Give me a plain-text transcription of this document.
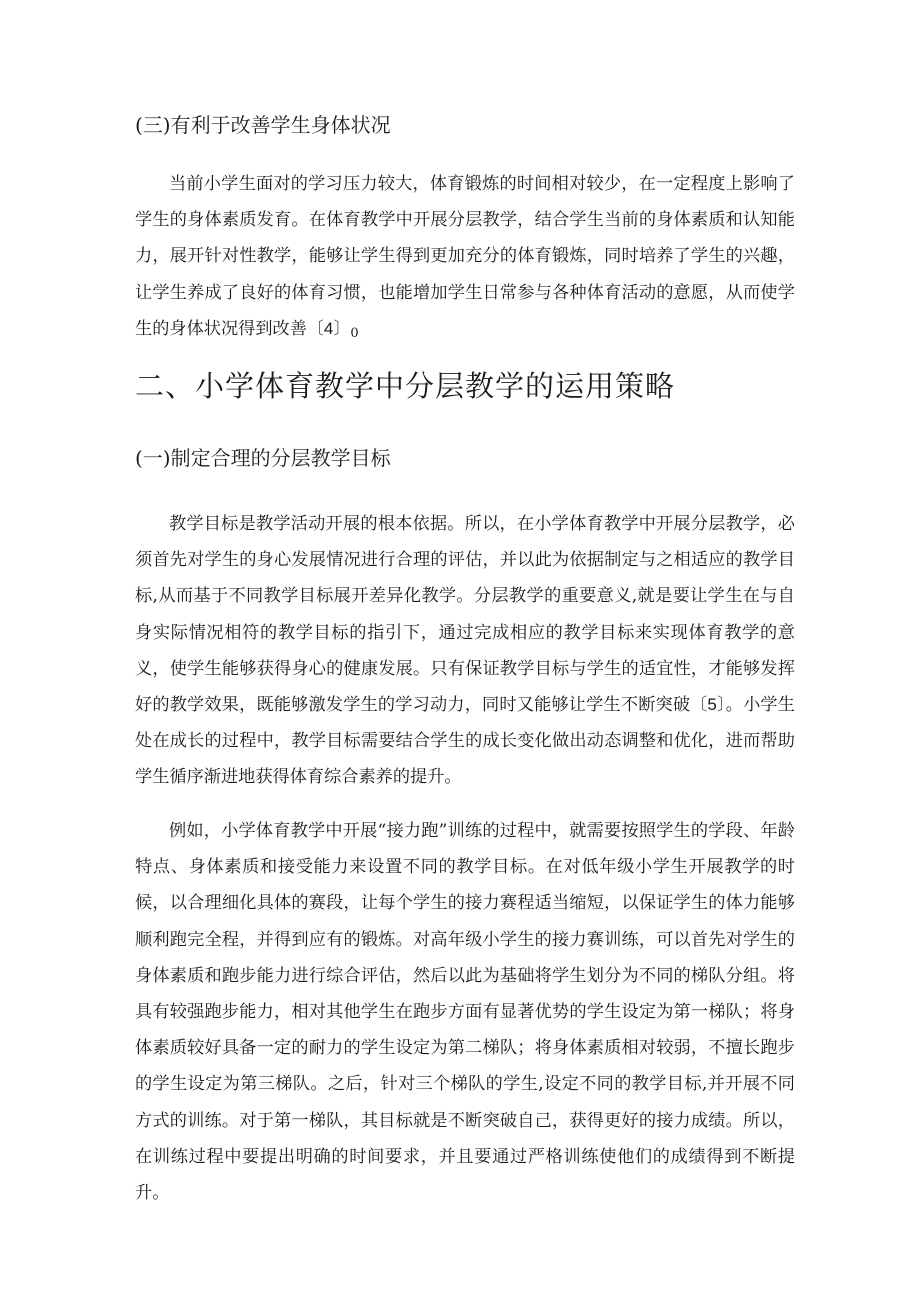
(三)有利于改善学生身体状况

当前小学生面对的学习压力较大，体育锻炼的时间相对较少，在一定程度上影响了学生的身体素质发育。在体育教学中开展分层教学，结合学生当前的身体素质和认知能力，展开针对性教学，能够让学生得到更加充分的体育锻炼，同时培养了学生的兴趣，让学生养成了良好的体育习惯，也能增加学生日常参与各种体育活动的意愿，从而使学生的身体状况得到改善〔4〕0

二、小学体育教学中分层教学的运用策略
(一)制定合理的分层教学目标

教学目标是教学活动开展的根本依据。所以，在小学体育教学中开展分层教学，必须首先对学生的身心发展情况进行合理的评估，并以此为依据制定与之相适应的教学目标,从而基于不同教学目标展开差异化教学。分层教学的重要意义,就是要让学生在与自身实际情况相符的教学目标的指引下，通过完成相应的教学目标来实现体育教学的意义，使学生能够获得身心的健康发展。只有保证教学目标与学生的适宜性，才能够发挥好的教学效果，既能够激发学生的学习动力，同时又能够让学生不断突破〔5〕。小学生处在成长的过程中，教学目标需要结合学生的成长变化做出动态调整和优化，进而帮助学生循序渐进地获得体育综合素养的提升。

例如，小学体育教学中开展“接力跑”训练的过程中，就需要按照学生的学段、年龄特点、身体素质和接受能力来设置不同的教学目标。在对低年级小学生开展教学的时候，以合理细化具体的赛段，让每个学生的接力赛程适当缩短，以保证学生的体力能够顺利跑完全程，并得到应有的锻炼。对高年级小学生的接力赛训练，可以首先对学生的身体素质和跑步能力进行综合评估，然后以此为基础将学生划分为不同的梯队分组。将具有较强跑步能力，相对其他学生在跑步方面有显著优势的学生设定为第一梯队；将身体素质较好具备一定的耐力的学生设定为第二梯队；将身体素质相对较弱，不擅长跑步的学生设定为第三梯队。之后，针对三个梯队的学生,设定不同的教学目标,并开展不同方式的训练。对于第一梯队，其目标就是不断突破自己，获得更好的接力成绩。所以，在训练过程中要提出明确的时间要求，并且要通过严格训练使他们的成绩得到不断提升。
